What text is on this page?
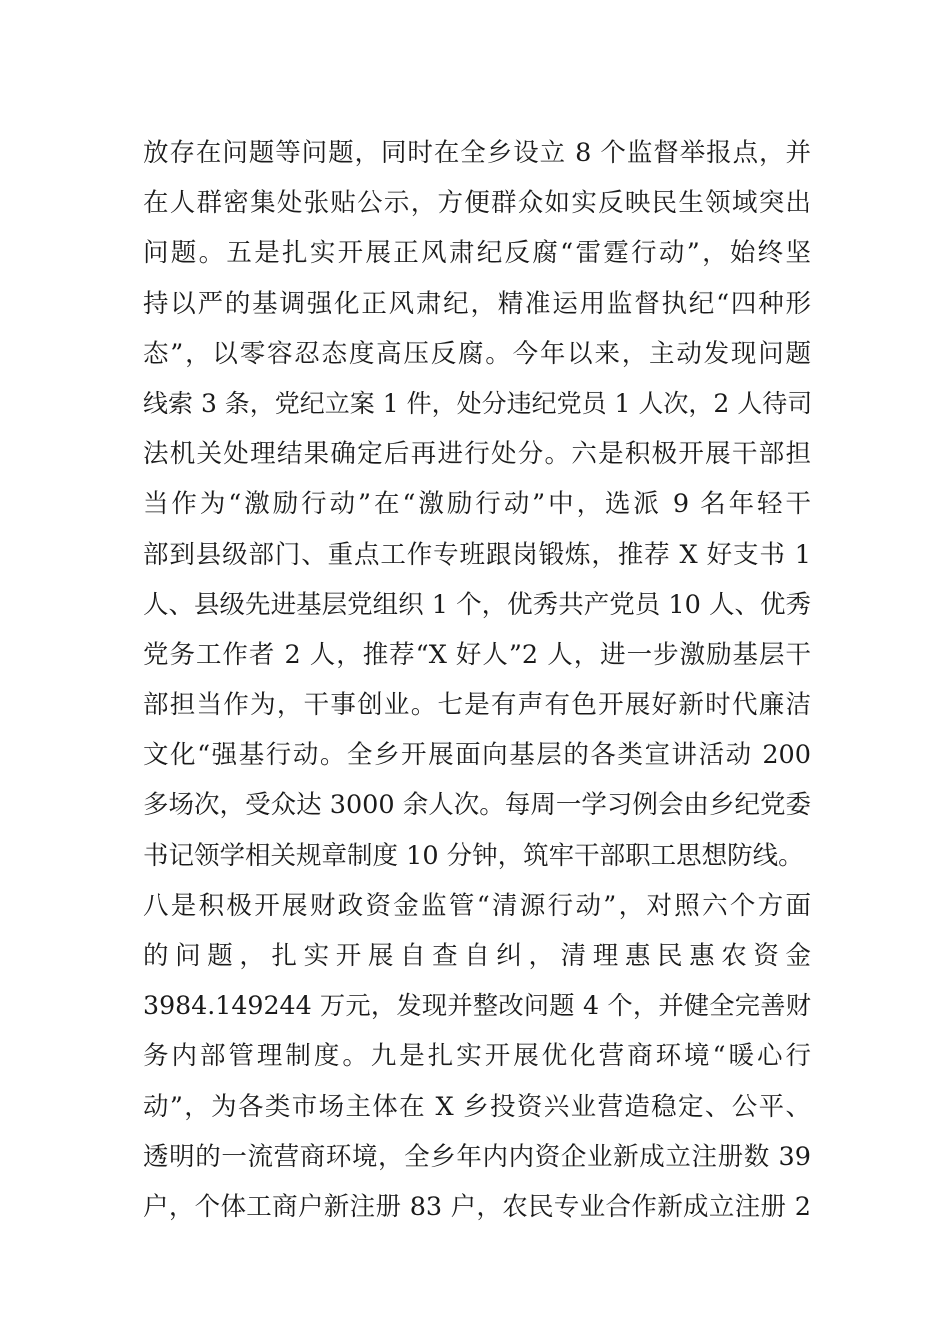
放存在问题等问题，同时在全乡设立 8 个监督举报点，并
在人群密集处张贴公示，方便群众如实反映民生领域突出
问题。五是扎实开展正风肃纪反腐“雷霆行动”，始终坚
持以严的基调强化正风肃纪，精准运用监督执纪“四种形
态”，以零容忍态度高压反腐。今年以来，主动发现问题
线索 3 条，党纪立案 1 件，处分违纪党员 1 人次，2 人待司
法机关处理结果确定后再进行处分。六是积极开展干部担
当作为“激励行动”在“激励行动”中，选派 9 名年轻干
部到县级部门、重点工作专班跟岗锻炼，推荐 X 好支书 1
人、县级先进基层党组织 1 个，优秀共产党员 10 人、优秀
党务工作者 2 人，推荐“X 好人”2 人，进一步激励基层干
部担当作为，干事创业。七是有声有色开展好新时代廉洁
文化“强基行动。全乡开展面向基层的各类宣讲活动 200
多场次，受众达 3000 余人次。每周一学习例会由乡纪党委
书记领学相关规章制度 10 分钟，筑牢干部职工思想防线。
八是积极开展财政资金监管“清源行动”，对照六个方面
的问题，扎实开展自查自纠，清理惠民惠农资金
3984.149244 万元，发现并整改问题 4 个，并健全完善财
务内部管理制度。九是扎实开展优化营商环境“暖心行
动”，为各类市场主体在 X 乡投资兴业营造稳定、公平、
透明的一流营商环境，全乡年内内资企业新成立注册数 39
户，个体工商户新注册 83 户，农民专业合作新成立注册 2
